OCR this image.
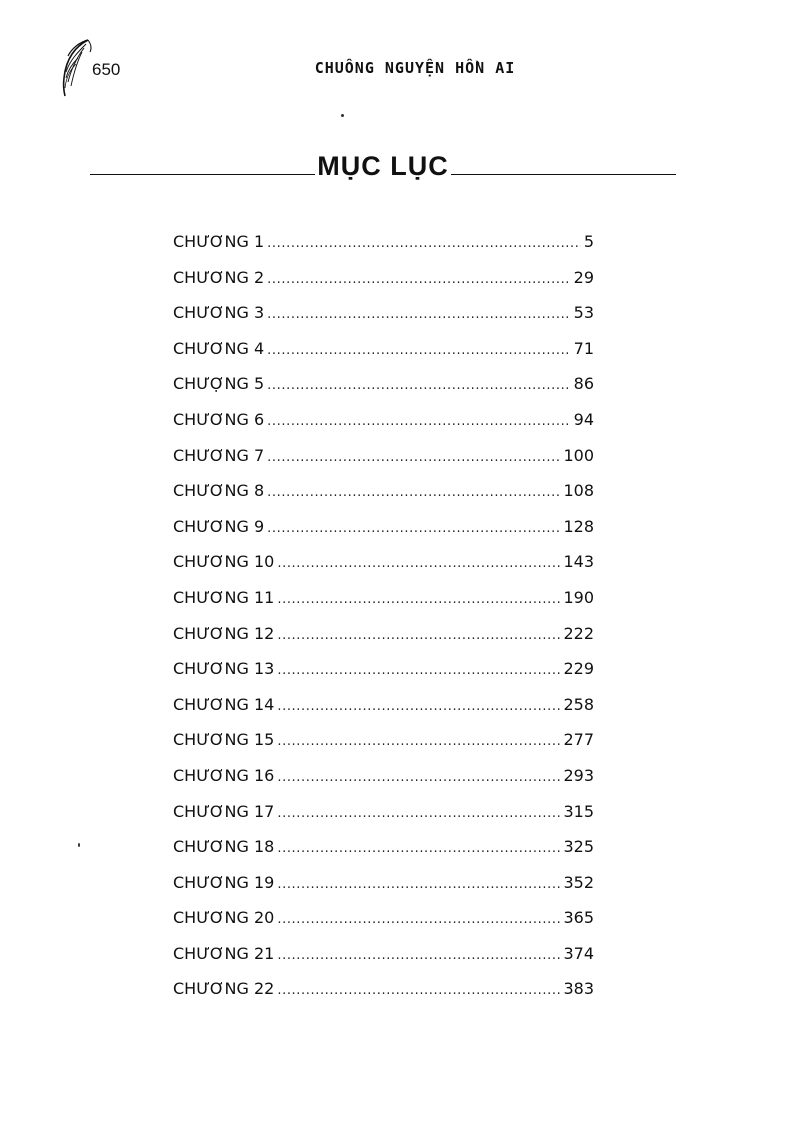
650	CHUÔNG NGUYỆN HỒN AI
MỤC LỤC
CHƯƠNG 1 .....	5
CHƯƠNG 2 .....	29
CHƯƠNG 3 .....	53
CHƯƠNG 4 .....	71
CHƯỢNG 5 .....	86
CHƯƠNG 6 .....	94
CHƯƠNG 7 .....	100
CHƯƠNG 8 .....	108
CHƯƠNG 9 .....	128
CHƯƠNG 10 .....	143
CHƯƠNG 11 .....	190
CHƯƠNG 12 .....	222
CHƯƠNG 13 .....	229
CHƯƠNG 14 .....	258
CHƯƠNG 15 .....	277
CHƯƠNG 16 .....	293
CHƯƠNG 17 .....	315
CHƯƠNG 18 .....	325
CHƯƠNG 19 .....	352
CHƯƠNG 20 .....	365
CHƯƠNG 21 .....	374
CHƯƠNG 22 .....	383
